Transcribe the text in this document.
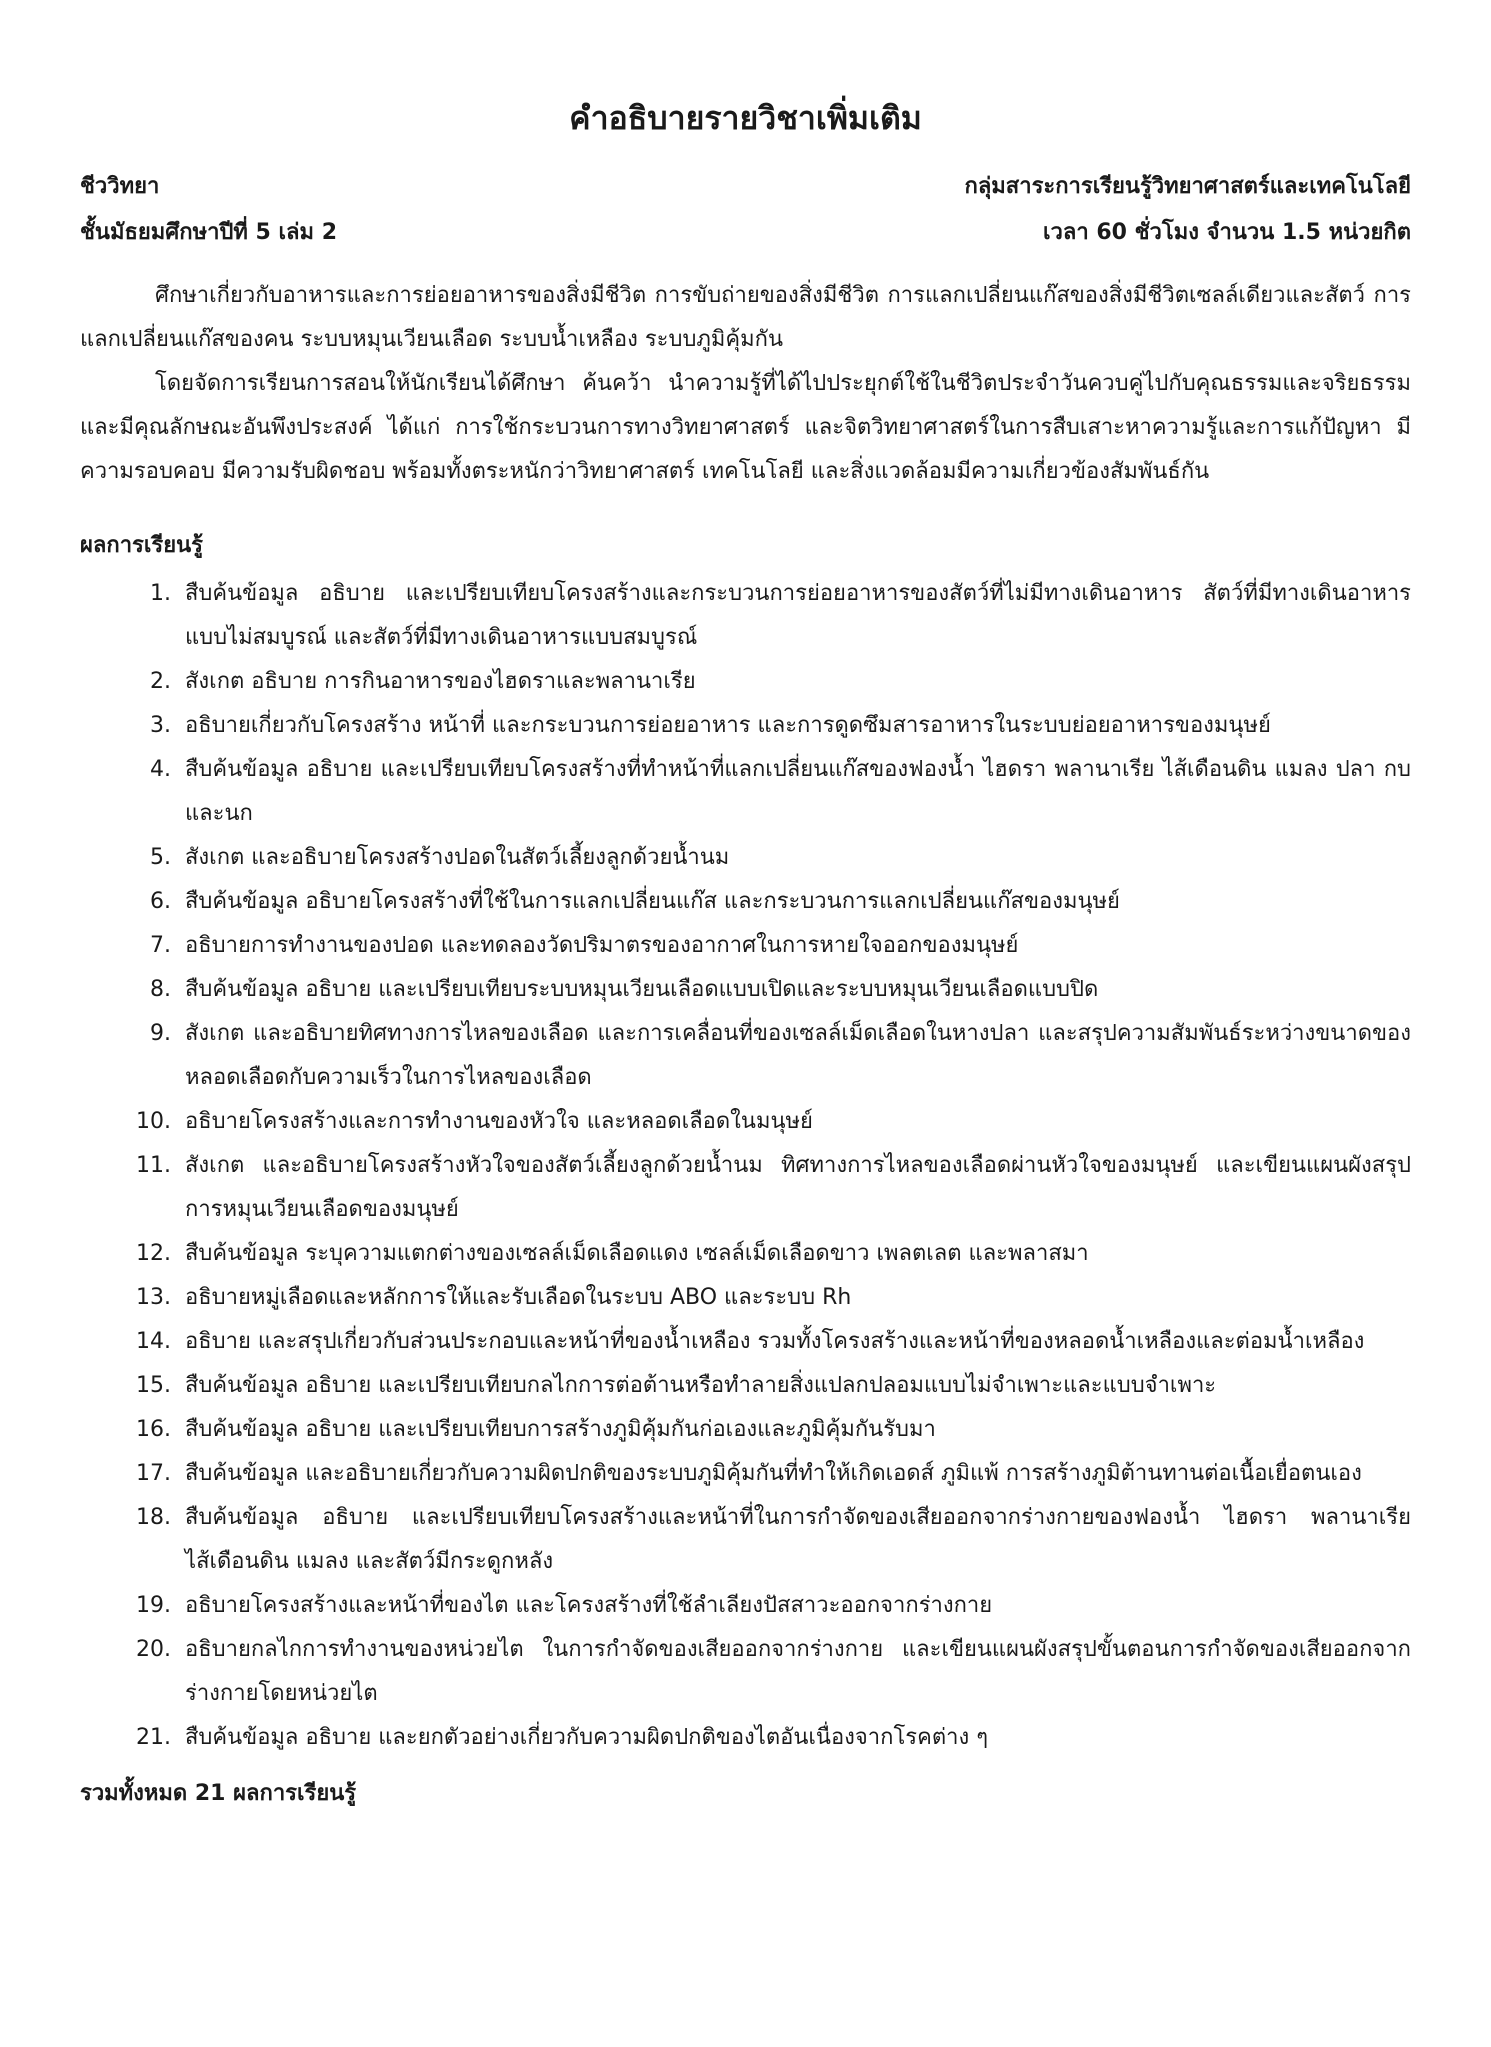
คำอธิบายรายวิชาเพิ่มเติม
ชีววิทยา	กลุ่มสาระการเรียนรู้วิทยาศาสตร์และเทคโนโลยี
ชั้นมัธยมศึกษาปีที่ 5 เล่ม 2	เวลา 60 ชั่วโมง จำนวน 1.5 หน่วยกิต

ศึกษาเกี่ยวกับอาหารและการย่อยอาหารของสิ่งมีชีวิต การขับถ่ายของสิ่งมีชีวิต การแลกเปลี่ยนแก๊สของสิ่งมีชีวิตเซลล์เดียวและสัตว์ การแลกเปลี่ยนแก๊สของคน ระบบหมุนเวียนเลือด ระบบน้ำเหลือง ระบบภูมิคุ้มกัน

โดยจัดการเรียนการสอนให้นักเรียนได้ศึกษา ค้นคว้า นำความรู้ที่ได้ไปประยุกต์ใช้ในชีวิตประจำวันควบคู่ไปกับคุณธรรมและจริยธรรม และมีคุณลักษณะอันพึงประสงค์ ได้แก่ การใช้กระบวนการทางวิทยาศาสตร์ และจิตวิทยาศาสตร์ในการสืบเสาะหาความรู้และการแก้ปัญหา มีความรอบคอบ มีความรับผิดชอบ พร้อมทั้งตระหนักว่าวิทยาศาสตร์ เทคโนโลยี และสิ่งแวดล้อมมีความเกี่ยวข้องสัมพันธ์กัน

ผลการเรียนรู้
1. สืบค้นข้อมูล อธิบาย และเปรียบเทียบโครงสร้างและกระบวนการย่อยอาหารของสัตว์ที่ไม่มีทางเดินอาหาร สัตว์ที่มีทางเดินอาหารแบบไม่สมบูรณ์ และสัตว์ที่มีทางเดินอาหารแบบสมบูรณ์
2. สังเกต อธิบาย การกินอาหารของไฮดราและพลานาเรีย
3. อธิบายเกี่ยวกับโครงสร้าง หน้าที่ และกระบวนการย่อยอาหาร และการดูดซึมสารอาหารในระบบย่อยอาหารของมนุษย์
4. สืบค้นข้อมูล อธิบาย และเปรียบเทียบโครงสร้างที่ทำหน้าที่แลกเปลี่ยนแก๊สของฟองน้ำ ไฮดรา พลานาเรีย ไส้เดือนดิน แมลง ปลา กบ และนก
5. สังเกต และอธิบายโครงสร้างปอดในสัตว์เลี้ยงลูกด้วยน้ำนม
6. สืบค้นข้อมูล อธิบายโครงสร้างที่ใช้ในการแลกเปลี่ยนแก๊ส และกระบวนการแลกเปลี่ยนแก๊สของมนุษย์
7. อธิบายการทำงานของปอด และทดลองวัดปริมาตรของอากาศในการหายใจออกของมนุษย์
8. สืบค้นข้อมูล อธิบาย และเปรียบเทียบระบบหมุนเวียนเลือดแบบเปิดและระบบหมุนเวียนเลือดแบบปิด
9. สังเกต และอธิบายทิศทางการไหลของเลือด และการเคลื่อนที่ของเซลล์เม็ดเลือดในหางปลา และสรุปความสัมพันธ์ระหว่างขนาดของหลอดเลือดกับความเร็วในการไหลของเลือด
10. อธิบายโครงสร้างและการทำงานของหัวใจ และหลอดเลือดในมนุษย์
11. สังเกต และอธิบายโครงสร้างหัวใจของสัตว์เลี้ยงลูกด้วยน้ำนม ทิศทางการไหลของเลือดผ่านหัวใจของมนุษย์ และเขียนแผนผังสรุปการหมุนเวียนเลือดของมนุษย์
12. สืบค้นข้อมูล ระบุความแตกต่างของเซลล์เม็ดเลือดแดง เซลล์เม็ดเลือดขาว เพลตเลต และพลาสมา
13. อธิบายหมู่เลือดและหลักการให้และรับเลือดในระบบ ABO และระบบ Rh
14. อธิบาย และสรุปเกี่ยวกับส่วนประกอบและหน้าที่ของน้ำเหลือง รวมทั้งโครงสร้างและหน้าที่ของหลอดน้ำเหลืองและต่อมน้ำเหลือง
15. สืบค้นข้อมูล อธิบาย และเปรียบเทียบกลไกการต่อต้านหรือทำลายสิ่งแปลกปลอมแบบไม่จำเพาะและแบบจำเพาะ
16. สืบค้นข้อมูล อธิบาย และเปรียบเทียบการสร้างภูมิคุ้มกันก่อเองและภูมิคุ้มกันรับมา
17. สืบค้นข้อมูล และอธิบายเกี่ยวกับความผิดปกติของระบบภูมิคุ้มกันที่ทำให้เกิดเอดส์ ภูมิแพ้ การสร้างภูมิต้านทานต่อเนื้อเยื่อตนเอง
18. สืบค้นข้อมูล อธิบาย และเปรียบเทียบโครงสร้างและหน้าที่ในการกำจัดของเสียออกจากร่างกายของฟองน้ำ ไฮดรา พลานาเรีย ไส้เดือนดิน แมลง และสัตว์มีกระดูกหลัง
19. อธิบายโครงสร้างและหน้าที่ของไต และโครงสร้างที่ใช้ลำเลียงปัสสาวะออกจากร่างกาย
20. อธิบายกลไกการทำงานของหน่วยไต ในการกำจัดของเสียออกจากร่างกาย และเขียนแผนผังสรุปขั้นตอนการกำจัดของเสียออกจากร่างกายโดยหน่วยไต
21. สืบค้นข้อมูล อธิบาย และยกตัวอย่างเกี่ยวกับความผิดปกติของไตอันเนื่องจากโรคต่าง ๆ
รวมทั้งหมด 21 ผลการเรียนรู้
